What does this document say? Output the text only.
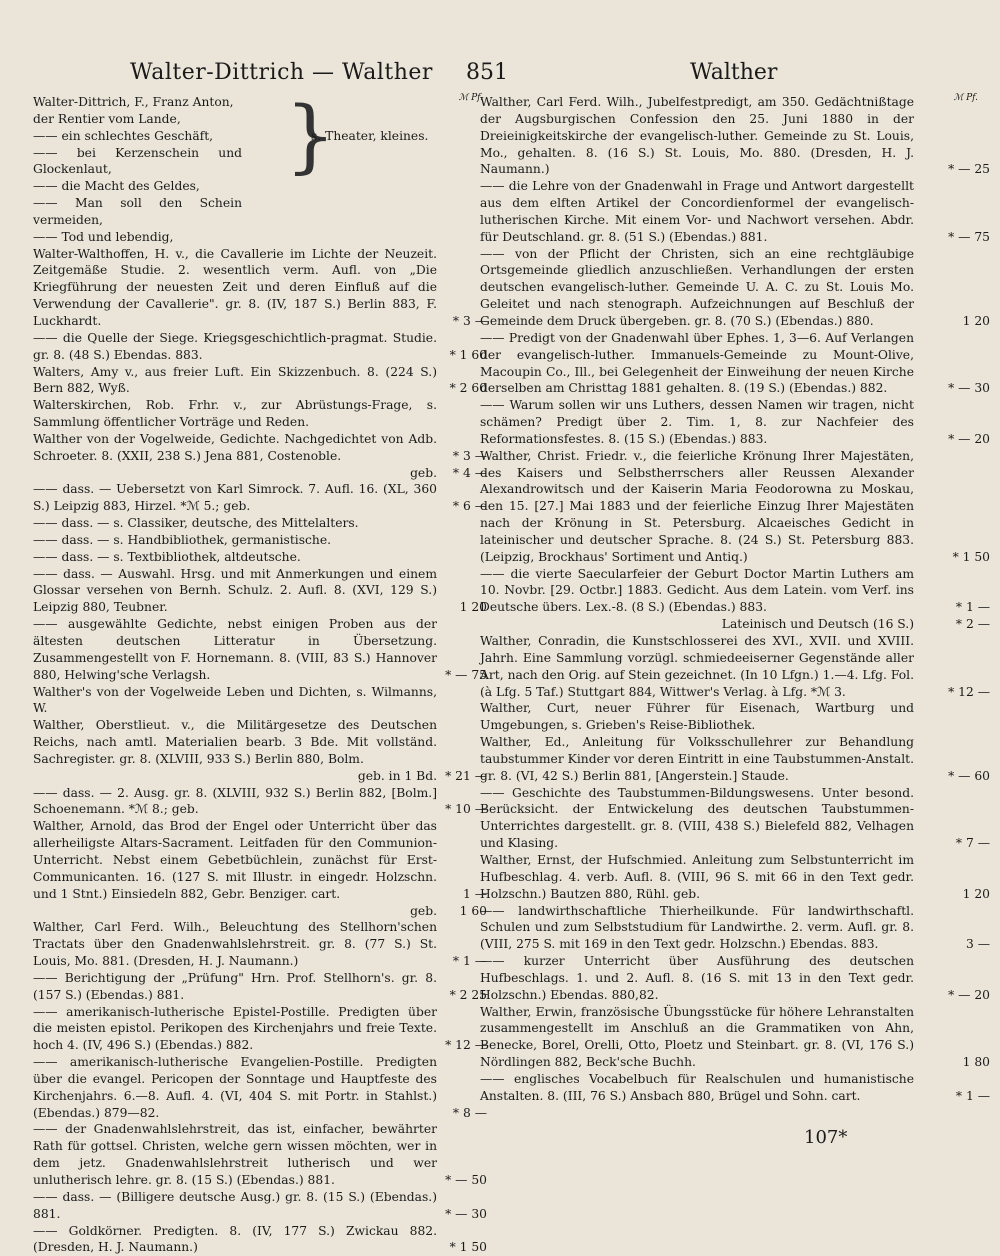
Walter-Dittrich — Walther 851	Walther
ℳ Pf.
Walter-Dittrich, F., Franz Anton,
der Rentier vom Lande,
—— ein schlechtes Geschäft,
—— bei Kerzenschein und Glockenlaut,
—— die Macht des Geldes,
—— Man soll den Schein vermeiden,
—— Tod und lebendig,
}
s. Theater, kleines.
Walter-Walthoffen, H. v., die Cavallerie im Lichte der Neuzeit. Zeitgemäße Studie. 2. wesentlich verm. Aufl. von „Die Kriegführung der neuesten Zeit und deren Einfluß auf die Verwendung der Cavallerie". gr. 8. (IV, 187 S.) Berlin 883, F. Luckhardt.	* 3 —
—— die Quelle der Siege. Kriegsgeschichtlich-pragmat. Studie. gr. 8. (48 S.) Ebendas. 883.	* 1 60
Walters, Amy v., aus freier Luft. Ein Skizzenbuch. 8. (224 S.) Bern 882, Wyß.	* 2 60
Walterskirchen, Rob. Frhr. v., zur Abrüstungs-Frage, s. Sammlung öffentlicher Vorträge und Reden.
Walther von der Vogelweide, Gedichte. Nachgedichtet von Adb. Schroeter. 8. (XXII, 238 S.) Jena 881, Costenoble.	* 3 —
geb.	* 4 —
—— dass. — Uebersetzt von Karl Simrock. 7. Aufl. 16. (XL, 360 S.) Leipzig 883, Hirzel. *ℳ 5.; geb.	* 6 —
—— dass. — s. Classiker, deutsche, des Mittelalters.
—— dass. — s. Handbibliothek, germanistische.
—— dass. — s. Textbibliothek, altdeutsche.
—— dass. — Auswahl. Hrsg. und mit Anmerkungen und einem Glossar versehen von Bernh. Schulz. 2. Aufl. 8. (XVI, 129 S.) Leipzig 880, Teubner.	1 20
—— ausgewählte Gedichte, nebst einigen Proben aus der ältesten deutschen Litteratur in Übersetzung. Zusammengestellt von F. Hornemann. 8. (VIII, 83 S.) Hannover 880, Helwing'sche Verlagsh.	* — 75
Walther's von der Vogelweide Leben und Dichten, s. Wilmanns, W.
Walther, Oberstlieut. v., die Militärgesetze des Deutschen Reichs, nach amtl. Materialien bearb. 3 Bde. Mit vollständ. Sachregister. gr. 8. (XLVIII, 933 S.) Berlin 880, Bolm.
geb. in 1 Bd. * 21 —
—— dass. — 2. Ausg. gr. 8. (XLVIII, 932 S.) Berlin 882, [Bolm.] Schoenemann. *ℳ 8.; geb.	* 10 —
Walther, Arnold, das Brod der Engel oder Unterricht über das allerheiligste Altars-Sacrament. Leitfaden für den Communion-Unterricht. Nebst einem Gebetbüchlein, zunächst für Erst-Communicanten. 16. (127 S. mit Illustr. in eingedr. Holzschn. und 1 Stnt.) Einsiedeln 882, Gebr. Benziger. cart.	1 —
geb.	1 60
Walther, Carl Ferd. Wilh., Beleuchtung des Stellhorn'schen Tractats über den Gnadenwahlslehrstreit. gr. 8. (77 S.) St. Louis, Mo. 881. (Dresden, H. J. Naumann.)	* 1 —
—— Berichtigung der „Prüfung" Hrn. Prof. Stellhorn's. gr. 8. (157 S.) (Ebendas.) 881.	* 2 25
—— amerikanisch-lutherische Epistel-Postille. Predigten über die meisten epistol. Perikopen des Kirchenjahrs und freie Texte. hoch 4. (IV, 496 S.) (Ebendas.) 882.	* 12 —
—— amerikanisch-lutherische Evangelien-Postille. Predigten über die evangel. Pericopen der Sonntage und Hauptfeste des Kirchenjahrs. 6.—8. Aufl. 4. (VI, 404 S. mit Portr. in Stahlst.) (Ebendas.) 879—82.	* 8 —
—— der Gnadenwahlslehrstreit, das ist, einfacher, bewährter Rath für gottsel. Christen, welche gern wissen möchten, wer in dem jetz. Gnadenwahlslehrstreit lutherisch und wer unlutherisch lehre. gr. 8. (15 S.) (Ebendas.) 881.	* — 50
—— dass. — (Billigere deutsche Ausg.) gr. 8. (15 S.) (Ebendas.) 881.	* — 30
—— Goldkörner. Predigten. 8. (IV, 177 S.) Zwickau 882. (Dresden, H. J. Naumann.)	* 1 50
ℳ Pf.
Walther, Carl Ferd. Wilh., Jubelfestpredigt, am 350. Gedächtnißtage der Augsburgischen Confession den 25. Juni 1880 in der Dreieinigkeitskirche der evangelisch-luther. Gemeinde zu St. Louis, Mo., gehalten. 8. (16 S.) St. Louis, Mo. 880. (Dresden, H. J. Naumann.)	* — 25
—— die Lehre von der Gnadenwahl in Frage und Antwort dargestellt aus dem elften Artikel der Concordienformel der evangelisch-lutherischen Kirche. Mit einem Vor- und Nachwort versehen. Abdr. für Deutschland. gr. 8. (51 S.) (Ebendas.) 881.	* — 75
—— von der Pflicht der Christen, sich an eine rechtgläubige Ortsgemeinde gliedlich anzuschließen. Verhandlungen der ersten deutschen evangelisch-luther. Gemeinde U. A. C. zu St. Louis Mo. Geleitet und nach stenograph. Aufzeichnungen auf Beschluß der Gemeinde dem Druck übergeben. gr. 8. (70 S.) (Ebendas.) 880.	1 20
—— Predigt von der Gnadenwahl über Ephes. 1, 3—6. Auf Verlangen der evangelisch-luther. Immanuels-Gemeinde zu Mount-Olive, Macoupin Co., Ill., bei Gelegenheit der Einweihung der neuen Kirche derselben am Christtag 1881 gehalten. 8. (19 S.) (Ebendas.) 882.	* — 30
—— Warum sollen wir uns Luthers, dessen Namen wir tragen, nicht schämen? Predigt über 2. Tim. 1, 8. zur Nachfeier des Reformationsfestes. 8. (15 S.) (Ebendas.) 883.	* — 20
Walther, Christ. Friedr. v., die feierliche Krönung Ihrer Majestäten, des Kaisers und Selbstherrschers aller Reussen Alexander Alexandrowitsch und der Kaiserin Maria Feodorowna zu Moskau, den 15. [27.] Mai 1883 und der feierliche Einzug Ihrer Majestäten nach der Krönung in St. Petersburg. Alcaeisches Gedicht in lateinischer und deutscher Sprache. 8. (24 S.) St. Petersburg 883. (Leipzig, Brockhaus' Sortiment und Antiq.)	* 1 50
—— die vierte Saecularfeier der Geburt Doctor Martin Luthers am 10. Novbr. [29. Octbr.] 1883. Gedicht. Aus dem Latein. vom Verf. ins Deutsche übers. Lex.-8. (8 S.) (Ebendas.) 883.	* 1 —
Lateinisch und Deutsch (16 S.)	* 2 —
Walther, Conradin, die Kunstschlosserei des XVI., XVII. und XVIII. Jahrh. Eine Sammlung vorzügl. schmiedeeiserner Gegenstände aller Art, nach den Orig. auf Stein gezeichnet. (In 10 Lfgn.) 1.—4. Lfg. Fol. (à Lfg. 5 Taf.) Stuttgart 884, Wittwer's Verlag. à Lfg. *ℳ 3.	* 12 —
Walther, Curt, neuer Führer für Eisenach, Wartburg und Umgebungen, s. Grieben's Reise-Bibliothek.
Walther, Ed., Anleitung für Volksschullehrer zur Behandlung taubstummer Kinder vor deren Eintritt in eine Taubstummen-Anstalt. gr. 8. (VI, 42 S.) Berlin 881, [Angerstein.] Staude.	* — 60
—— Geschichte des Taubstummen-Bildungswesens. Unter besond. Berücksicht. der Entwickelung des deutschen Taubstummen-Unterrichtes dargestellt. gr. 8. (VIII, 438 S.) Bielefeld 882, Velhagen und Klasing.	* 7 —
Walther, Ernst, der Hufschmied. Anleitung zum Selbstunterricht im Hufbeschlag. 4. verb. Aufl. 8. (VIII, 96 S. mit 66 in den Text gedr. Holzschn.) Bautzen 880, Rühl. geb.	1 20
—— landwirthschaftliche Thierheilkunde. Für landwirthschaftl. Schulen und zum Selbststudium für Landwirthe. 2. verm. Aufl. gr. 8. (VIII, 275 S. mit 169 in den Text gedr. Holzschn.) Ebendas. 883.	3 —
—— kurzer Unterricht über Ausführung des deutschen Hufbeschlags. 1. und 2. Aufl. 8. (16 S. mit 13 in den Text gedr. Holzschn.) Ebendas. 880,82.	* — 20
Walther, Erwin, französische Übungsstücke für höhere Lehranstalten zusammengestellt im Anschluß an die Grammatiken von Ahn, Benecke, Borel, Orelli, Otto, Ploetz und Steinbart. gr. 8. (VI, 176 S.) Nördlingen 882, Beck'sche Buchh.	1 80
—— englisches Vocabelbuch für Realschulen und humanistische Anstalten. 8. (III, 76 S.) Ansbach 880, Brügel und Sohn. cart.	* 1 —
107*
